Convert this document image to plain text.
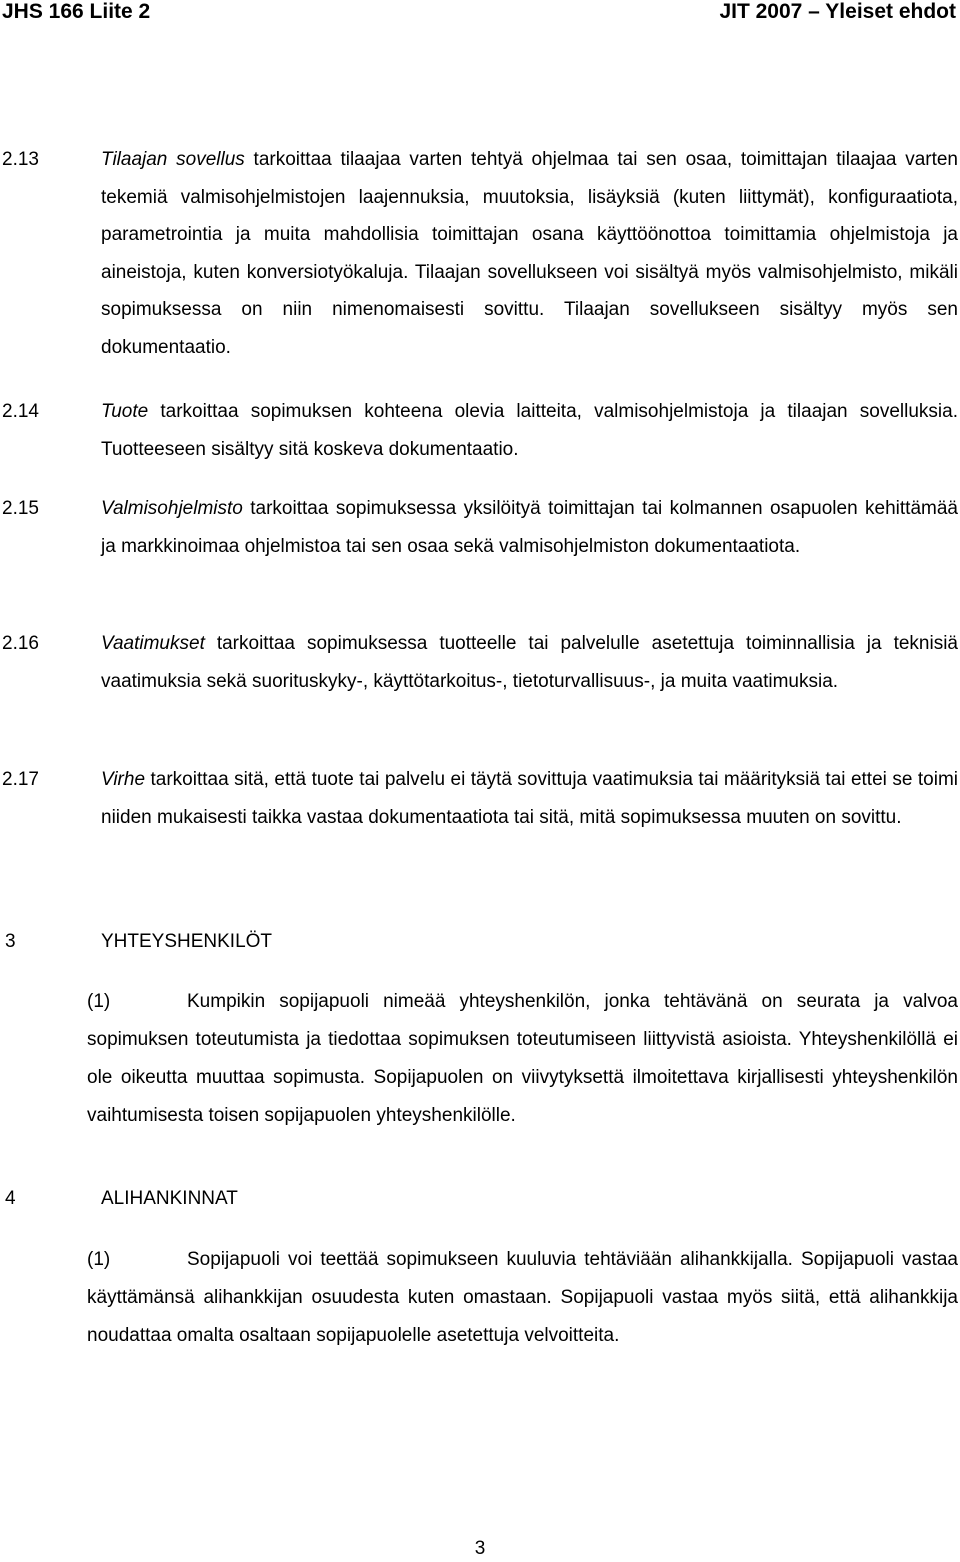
JHS 166 Liite 2	JIT 2007 – Yleiset ehdot
2.13	Tilaajan sovellus tarkoittaa tilaajaa varten tehtyä ohjelmaa tai sen osaa, toimittajan tilaajaa varten tekemiä valmisohjelmistojen laajennuksia, muutoksia, lisäyksiä (kuten liittymät), konfiguraatiota, parametrointia ja muita mahdollisia toimittajan osana käyttöönottoa toimittamia ohjelmistoja ja aineistoja, kuten konversiotyökaluja. Tilaajan sovellukseen voi sisältyä myös valmisohjelmisto, mikäli sopimuksessa on niin nimenomaisesti sovittu. Tilaajan sovellukseen sisältyy myös sen dokumentaatio.
2.14	Tuote tarkoittaa sopimuksen kohteena olevia laitteita, valmisohjelmistoja ja tilaajan sovelluksia. Tuotteeseen sisältyy sitä koskeva dokumentaatio.
2.15	Valmisohjelmisto tarkoittaa sopimuksessa yksilöityä toimittajan tai kolmannen osapuolen kehittämää ja markkinoimaa ohjelmistoa tai sen osaa sekä valmisohjelmiston dokumentaatiota.
2.16	Vaatimukset tarkoittaa sopimuksessa tuotteelle tai palvelulle asetettuja toiminnallisia ja teknisiä vaatimuksia sekä suorituskyky-, käyttötarkoitus-, tietoturvallisuus-, ja muita vaatimuksia.
2.17	Virhe tarkoittaa sitä, että tuote tai palvelu ei täytä sovittuja vaatimuksia tai määrityksiä tai ettei se toimi niiden mukaisesti taikka vastaa dokumentaatiota tai sitä, mitä sopimuksessa muuten on sovittu.
3	YHTEYSHENKILÖT
(1)	Kumpikin sopijapuoli nimeää yhteyshenkilön, jonka tehtävänä on seurata ja valvoa sopimuksen toteutumista ja tiedottaa sopimuksen toteutumiseen liittyvistä asioista. Yhteyshenkilöllä ei ole oikeutta muuttaa sopimusta. Sopijapuolen on viivytyksettä ilmoitettava kirjallisesti yhteyshenkilön vaihtumisesta toisen sopijapuolen yhteyshenkilölle.
4	ALIHANKINNAT
(1)	Sopijapuoli voi teettää sopimukseen kuuluvia tehtäviään alihankkijalla. Sopijapuoli vastaa käyttämänsä alihankkijan osuudesta kuten omastaan. Sopijapuoli vastaa myös siitä, että alihankkija noudattaa omalta osaltaan sopijapuolelle asetettuja velvoitteita.
3
